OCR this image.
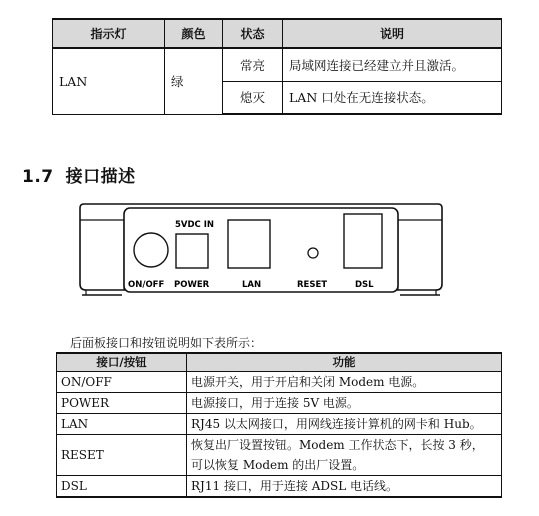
指示灯	颜色	状态	说明
LAN	绿	常亮	局域网连接已经建立并且激活。
		熄灭	LAN 口处在无连接状态。
1.7 接口描述
5VDC IN
ON/OFF POWER	LAN	RESET	DSL
后面板接口和按钮说明如下表所示：
接口/按钮	功能
ON/OFF	电源开关，用于开启和关闭 Modem 电源。
POWER	电源接口，用于连接 5V 电源。
LAN	RJ45 以太网接口，用网线连接计算机的网卡和 Hub。
RESET	恢复出厂设置按钮。Modem 工作状态下，长按 3 秒，
可以恢复 Modem 的出厂设置。

DSL	RJ11 接口，用于连接 ADSL 电话线。
